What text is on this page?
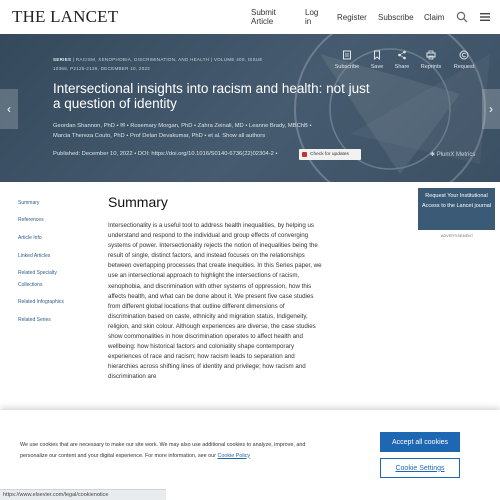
THE LANCET	Submit
Article
Log
in	Register Subscribe Claim
SERIES | RACISM, XENOPHOBIA, DISCRIMINATION, AND HEALTH | VOLUME 400, ISSUE
10368, P2125-2136, DECEMBER 10, 2022	Subscribe	Save	Share	Reprints	Request
Intersectional insights into racism and health: not just a question of identity
Geordan Shannon, PhD • ✉ • Rosemary Morgan, PhD • Zahra Zeinali, MD • Leanne Brady, MBChB •
Marcia Thereza Couto, PhD • Prof Delan Devakumar, PhD • et al. Show all authors
Published: December 10, 2022 • DOI: https://doi.org/10.1016/S0140-6736(22)02304-2 •	Check for updates	✱ PlumX Metrics
‹	›
Summary
References
Article Info
Linked Articles
Related Specialty
Collections
Related Infographics
Related Series
Summary
Intersectionality is a useful tool to address health inequalities, by helping us understand and respond to the individual and group effects of converging systems of power. Intersectionality rejects the notion of inequalities being the result of single, distinct factors, and instead focuses on the relationships between overlapping processes that create inequities. In this Series paper, we use an intersectional approach to highlight the intersections of racism, xenophobia, and discrimination with other systems of oppression, how this affects health, and what can be done about it. We present five case studies from different global locations that outline different dimensions of discrimination based on caste, ethnicity and migration status, Indigeneity, religion, and skin colour. Although experiences are diverse, the case studies show commonalities in how discrimination operates to affect health and wellbeing: how historical factors and coloniality shape contemporary experiences of race and racism; how racism leads to separation and hierarchies across shifting lines of identity and privilege; how racism and discrimination are
Request Your Institutional Access to the Lancet journal
ADVERTISEMENT
We use cookies that are necessary to make our site work. We may also use additional cookies to analyze, improve, and personalize our content and your digital experience. For more information, see our Cookie Policy
Accept all cookies
Cookie Settings
https://www.elsevier.com/legal/cookienotice
